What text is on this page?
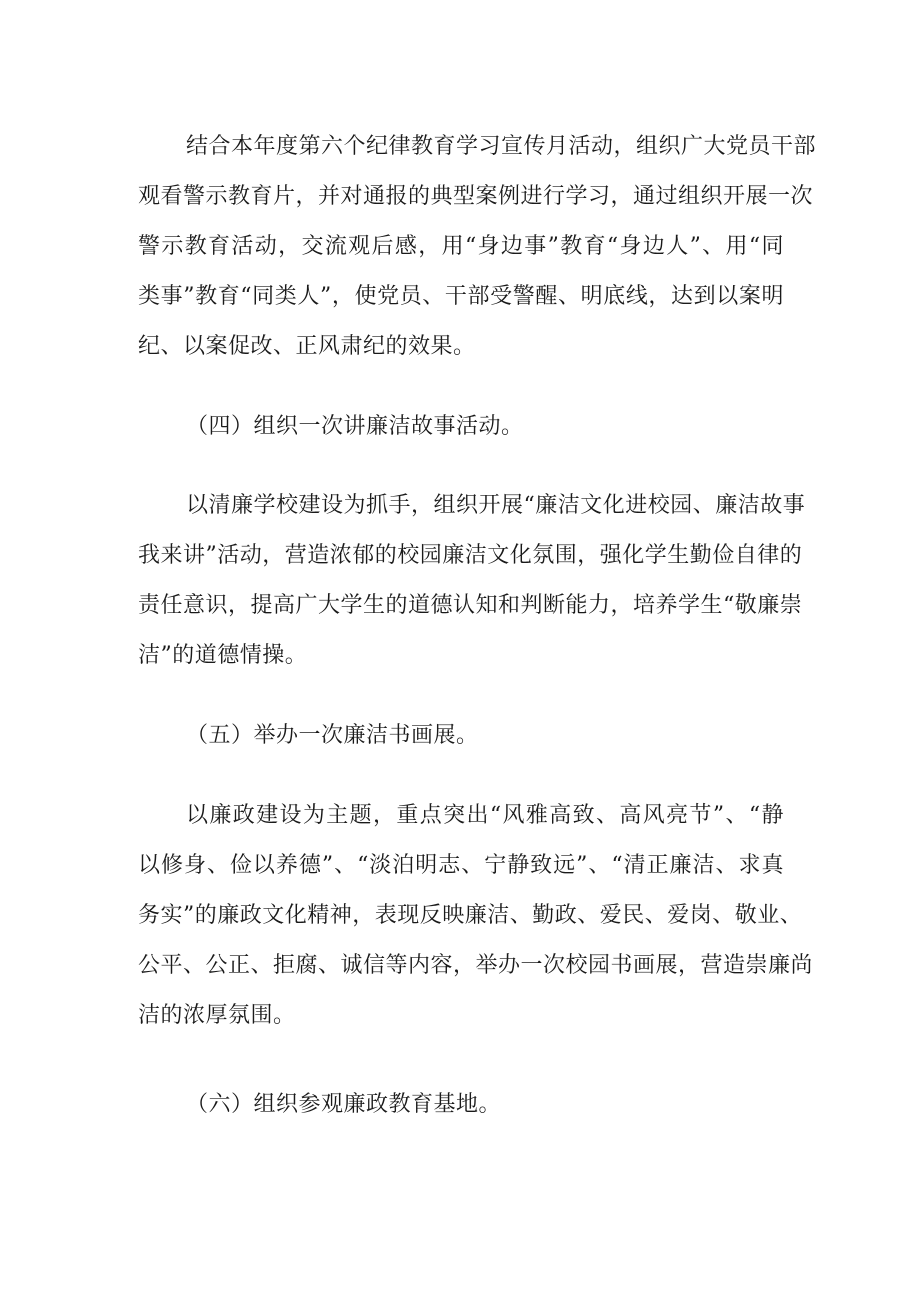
结合本年度第六个纪律教育学习宣传月活动，组织广大党员干部
观看警示教育片，并对通报的典型案例进行学习，通过组织开展一次
警示教育活动，交流观后感，用“身边事”教育“身边人”、用“同
类事”教育“同类人”，使党员、干部受警醒、明底线，达到以案明
纪、以案促改、正风肃纪的效果。
（四）组织一次讲廉洁故事活动。
以清廉学校建设为抓手，组织开展“廉洁文化进校园、廉洁故事
我来讲”活动，营造浓郁的校园廉洁文化氛围，强化学生勤俭自律的
责任意识，提高广大学生的道德认知和判断能力，培养学生“敬廉崇
洁”的道德情操。
（五）举办一次廉洁书画展。
以廉政建设为主题，重点突出“风雅高致、高风亮节”、“静
以修身、俭以养德”、“淡泊明志、宁静致远”、“清正廉洁、求真
务实”的廉政文化精神，表现反映廉洁、勤政、爱民、爱岗、敬业、
公平、公正、拒腐、诚信等内容，举办一次校园书画展，营造崇廉尚
洁的浓厚氛围。
（六）组织参观廉政教育基地。
